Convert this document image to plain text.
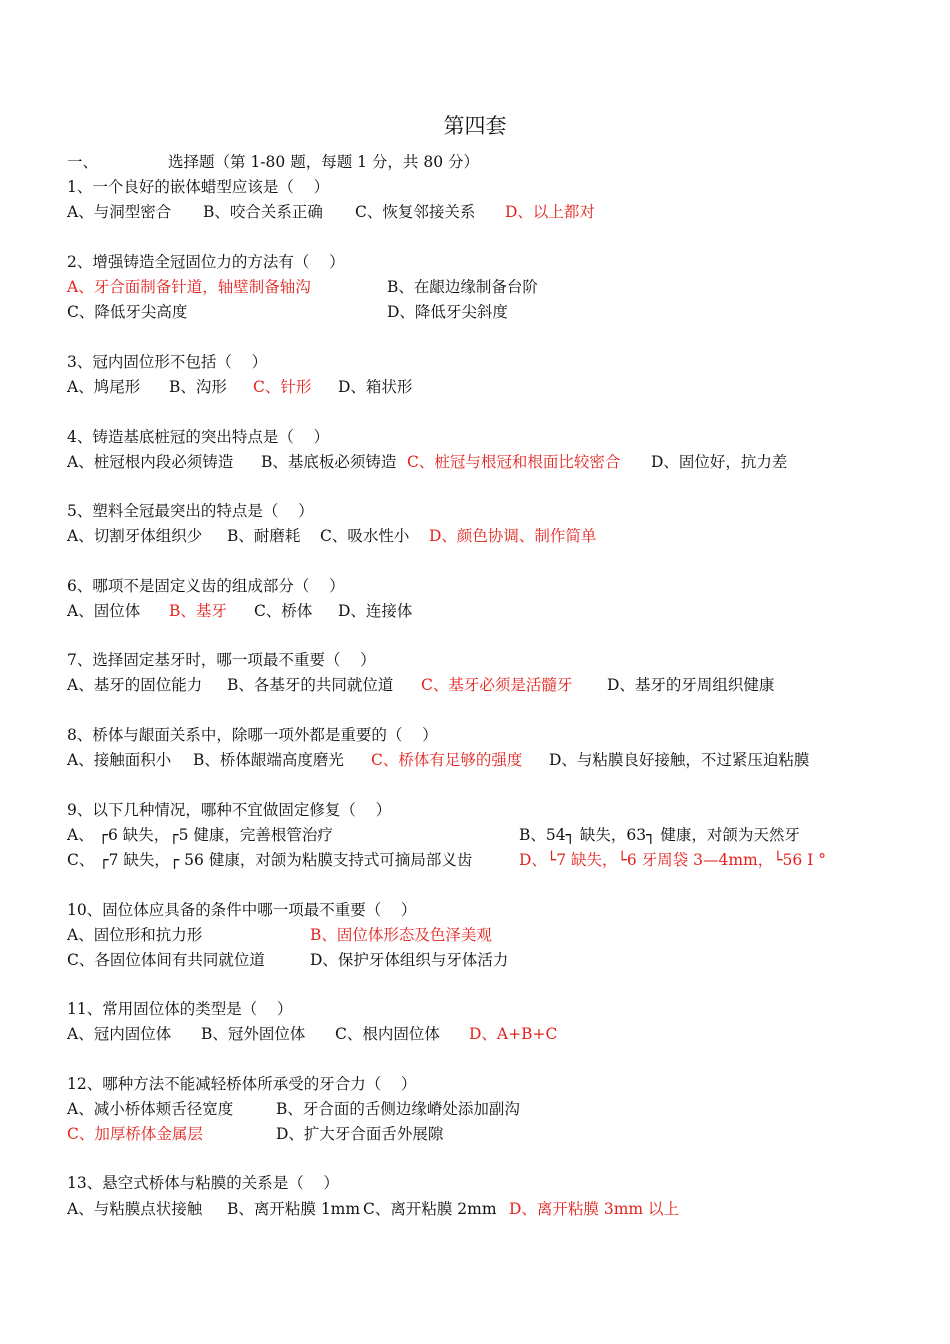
第四套
一、	选择题（第 1-80 题，每题 1 分，共 80 分）
1、一个良好的嵌体蜡型应该是（    ）

A、与洞型密合

B、咬合关系正确

C、恢复邻接关系

D、以上都对

2、增强铸造全冠固位力的方法有（    ）

A、牙合面制备针道，轴壁制备轴沟

	B、在龈边缘制备台阶

C、降低牙尖高度

	D、降低牙尖斜度

3、冠内固位形不包括（    ）

A、鸠尾形

B、沟形

C、针形

D、箱状形

4、铸造基底桩冠的突出特点是（    ）

A、桩冠根内段必须铸造

B、基底板必须铸造

C、桩冠与根冠和根面比较密合

D、固位好，抗力差

5、塑料全冠最突出的特点是（    ）

A、切割牙体组织少

B、耐磨耗

C、吸水性小

D、颜色协调、制作简单

6、哪项不是固定义齿的组成部分（    ）

A、固位体

B、基牙

C、桥体

D、连接体

7、选择固定基牙时，哪一项最不重要（    ）

A、基牙的固位能力

B、各基牙的共同就位道

C、基牙必须是活髓牙

D、基牙的牙周组织健康

8、桥体与龈面关系中，除哪一项外都是重要的（    ）

A、接触面积小

B、桥体龈端高度磨光

C、桥体有足够的强度

D、与粘膜良好接触，不过紧压迫粘膜

9、以下几种情况，哪种不宜做固定修复（    ）

A、 ┌6 缺失，┌5 健康，完善根管治疗

	B、54┐ 缺失，63┐ 健康，对颌为天然牙

C、 ┌7 缺失，┌ 56 健康，对颌为粘膜支持式可摘局部义齿

	D、└7 缺失，└6 牙周袋 3—4mm，└56 Ⅰ °

10、固位体应具备的条件中哪一项最不重要（    ）

A、固位形和抗力形

	B、固位体形态及色泽美观

C、各固位体间有共同就位道

	D、保护牙体组织与牙体活力

11、常用固位体的类型是（    ）

A、冠内固位体

B、冠外固位体

C、根内固位体

D、A+B+C

12、哪种方法不能减轻桥体所承受的牙合力（    ）

A、减小桥体颊舌径宽度

	B、牙合面的舌侧边缘嵴处添加副沟

C、加厚桥体金属层

	D、扩大牙合面舌外展隙

13、悬空式桥体与粘膜的关系是（    ）

A、与粘膜点状接触

B、离开粘膜 1mm

C、离开粘膜 2mm

D、离开粘膜 3mm 以上
